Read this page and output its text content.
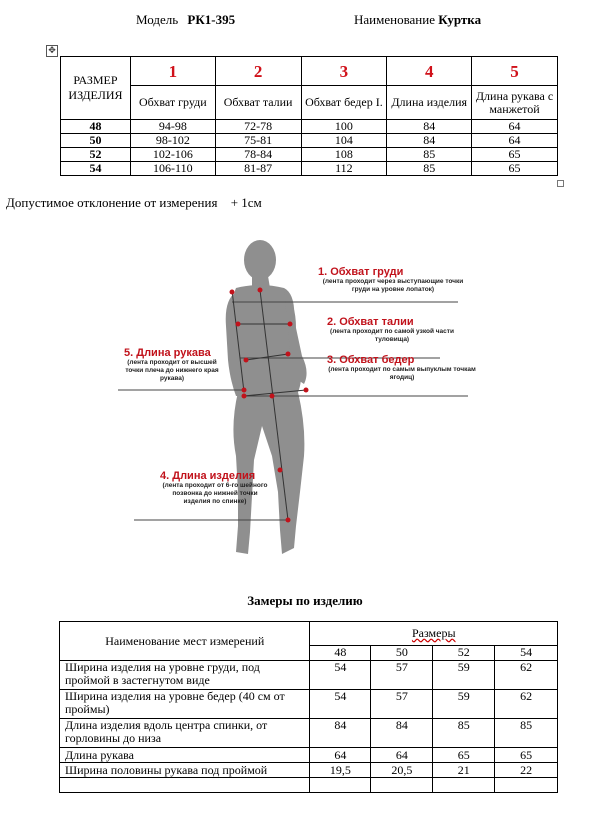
Модель РК1-395	Наименование Куртка
✥
РАЗМЕР ИЗДЕЛИЯ	1	2	3	4	5
	Обхват груди	Обхват талии	Обхват бедер I.	Длина изделия	Длина рукава с манжетой
48	94-98	72-78	100	84	64
50	98-102	75-81	104	84	64
52	102-106	78-84	108	85	65
54	106-110	81-87	112	85	65
Допустимое отклонение от измерения + 1см
1. Обхват груди
(лента проходит через выступающие точки груди на уровне лопаток)
2. Обхват талии
(лента проходит по самой узкой части туловища)
3. Обхват бедер
(лента проходит по самым выпуклым точкам ягодиц)
4. Длина изделия
(лента проходит от 6-го шейного позвонка до нижней точки изделия по спинке)
5. Длина рукава
(лента проходит от высшей точки плеча до нижнего края рукава)
Замеры по изделию
Наименование мест измерений	Размеры			
	48	50	52	54
Ширина изделия на уровне груди, под проймой в застегнутом виде	54	57	59	62
Ширина изделия на уровне бедер (40 см от проймы)	54	57	59	62
Длина изделия вдоль центра спинки, от горловины до низа	84	84	85	85
Длина рукава	64	64	65	65
Ширина половины рукава под проймой	19,5	20,5	21	22
